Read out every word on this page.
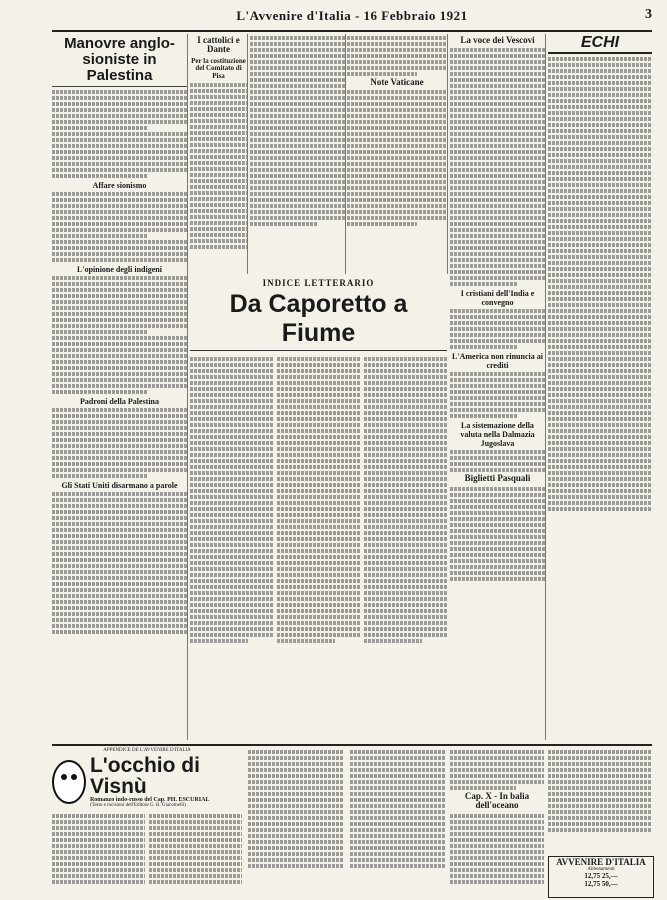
L'Avvenire d'Italia - 16 Febbraio 1921	3
Manovre anglo-sioniste in Palestina
Affare sionismo
L'opinione degli indigeni
Padroni della Palestina
Gli Stati Uniti disarmano a parole
I cattolici e Dante
Per la costituzione del Comitato di Pisa
Note Vaticane
INDICE LETTERARIO
Da Caporetto a Fiume
La voce dei Vescovi
I cristiani dell'India e convegno
L'America non rinuncia ai crediti
La sistemazione della valuta nella Dalmazia Jugoslava
Biglietti Pasquali
ECHI
APPENDICE DE L'AVVENIRE D'ITALIA
L'occhio di Visnù
Romanzo indo-russo del Cap. PH. ESCURIAL
(Testo e incisioni dell'Editore G. B. Giacomelli)
Cap. X - In balia dell'oceano
AVVENIRE D'ITALIA
Abbonamenti
12,75 25,—
12,75 50,—
